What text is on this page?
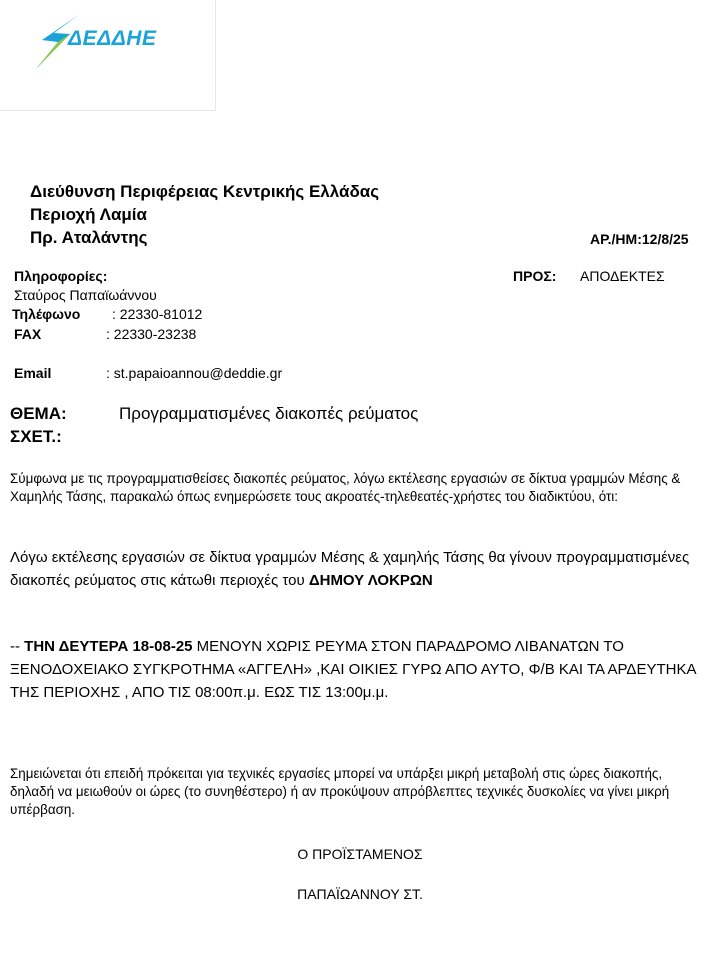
ΔΕΔΔΗΕ
Διεύθυνση Περιφέρειας Κεντρικής Ελλάδας
Περιοχή Λαμία
Πρ. Αταλάντης	ΑΡ./ΗΜ:12/8/25
Πληροφορίες:
Σταύρος Παπαϊωάννου
Τηλέφωνο : 22330-81012
FAX	: 22330-23238
Email	: st.papaioannou@deddie.gr
ΠΡΟΣ: ΑΠΟΔΕΚΤΕΣ
ΘΕΜΑ:	Προγραμματισμένες διακοπές ρεύματος
ΣΧΕΤ.:
Σύμφωνα με τις προγραμματισθείσες διακοπές ρεύματος, λόγω εκτέλεσης εργασιών σε δίκτυα γραμμών Μέσης & Χαμηλής Τάσης, παρακαλώ όπως ενημερώσετε τους ακροατές-τηλεθεατές-χρήστες του διαδικτύου, ότι:
Λόγω εκτέλεσης εργασιών σε δίκτυα γραμμών Μέσης & χαμηλής Τάσης θα γίνουν προγραμματισμένες διακοπές ρεύματος στις κάτωθι περιοχές του ΔΗΜΟΥ ΛΟΚΡΩΝ
-- ΤΗΝ ΔΕΥΤΕΡΑ 18-08-25 ΜΕΝΟΥΝ ΧΩΡΙΣ ΡΕΥΜΑ ΣΤΟΝ ΠΑΡΑΔΡΟΜΟ ΛΙΒΑΝΑΤΩΝ ΤΟ ΞΕΝΟΔΟΧΕΙΑΚΟ ΣΥΓΚΡΟΤΗΜΑ «ΑΓΓΕΛΗ» ,ΚΑΙ ΟΙΚΙΕΣ ΓΥΡΩ ΑΠΟ ΑΥΤΟ, Φ/Β ΚΑΙ ΤΑ ΑΡΔΕΥΤΗΚΑ ΤΗΣ ΠΕΡΙΟΧΗΣ , ΑΠΟ ΤΙΣ 08:00π.μ. ΕΩΣ ΤΙΣ 13:00μ.μ.
Σημειώνεται ότι επειδή πρόκειται για τεχνικές εργασίες μπορεί να υπάρξει μικρή μεταβολή στις ώρες διακοπής, δηλαδή να μειωθούν οι ώρες (το συνηθέστερο) ή αν προκύψουν απρόβλεπτες τεχνικές δυσκολίες να γίνει μικρή υπέρβαση.
Ο ΠΡΟΪΣΤΑΜΕΝΟΣ
ΠΑΠΑΪΩΑΝΝΟΥ ΣΤ.
